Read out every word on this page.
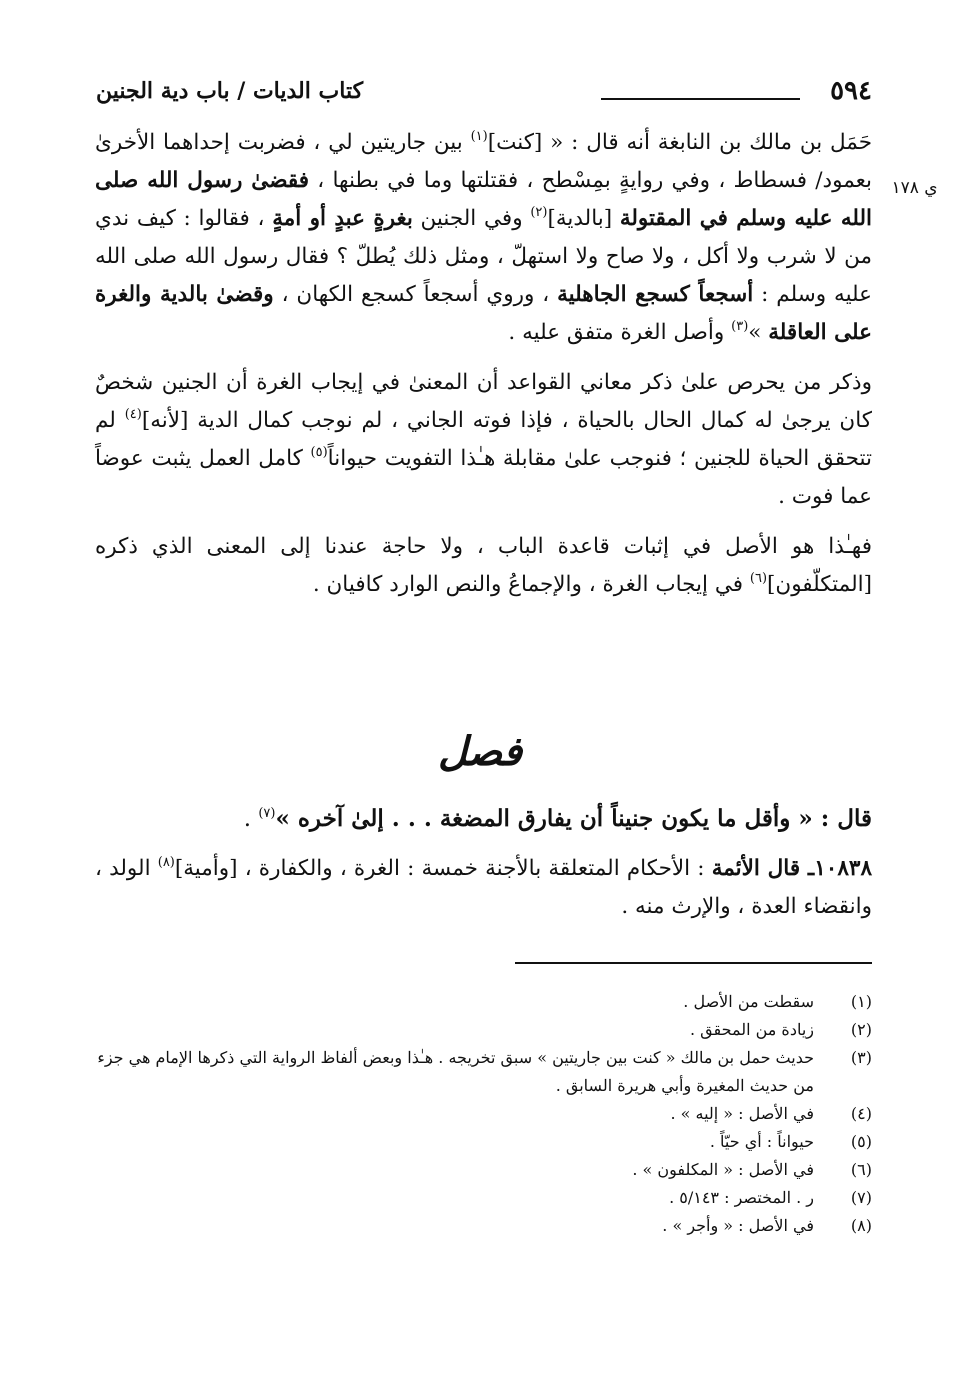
٥٩٤
كتاب الديات / باب دية الجنين
ي ١٧٨

حَمَل بن مالك بن النابغة أنه قال : « [كنت]$^{(١)}$ بين جاريتين لي ، فضربت إحداهما الأخرىٰ بعمود/ فسطاط ، وفي روايةٍ بمِسْطح ، فقتلتها وما في بطنها ، فقضىٰ رسول الله صلى الله عليه وسلم في المقتولة [بالدية]$^{(٢)}$ وفي الجنين بغرةٍ عبدٍ أو أمةٍ ، فقالوا : كيف ندي من لا شرب ولا أكل ، ولا صاح ولا استهلّ ، ومثل ذلك يُطلّ ؟ فقال رسول الله صلى الله عليه وسلم : أسجعاً كسجع الجاهلية ، وروي أسجعاً كسجع الكهان ، وقضىٰ بالدية والغرة على العاقلة »$^{(٣)}$ وأصل الغرة متفق عليه .

وذكر من يحرص علىٰ ذكر معاني القواعد أن المعنىٰ في إيجاب الغرة أن الجنين شخصٌ كان يرجىٰ له كمال الحال بالحياة ، فإذا فوته الجاني ، لم نوجب كمال الدية [لأنه]$^{(٤)}$ لم تتحقق الحياة للجنين ؛ فنوجب علىٰ مقابلة هـٰذا التفويت حيواناً$^{(٥)}$ كامل العمل يثبت عوضاً عما فوت .

فهـٰذا هو الأصل في إثبات قاعدة الباب ، ولا حاجة عندنا إلى المعنى الذي ذكره [المتكلّفون]$^{(٦)}$ في إيجاب الغرة ، والإجماعُ والنص الوارد كافيان .

فصل

قال : « وأقل ما يكون جنيناً أن يفارق المضغة . . . إلىٰ آخره »$^{(٧)}$ .

١٠٨٣٨ـ قال الأئمة : الأحكام المتعلقة بالأجنة خمسة : الغرة ، والكفارة ، [وأمية]$^{(٨)}$ الولد ، وانقضاء العدة ، والإرث منه .

(١)
سقطت من الأصل .

(٢)
زيادة من المحقق .

(٣)
حديث حمل بن مالك « كنت بين جاريتين » سبق تخريجه . هـٰذا وبعض ألفاظ الرواية التي ذكرها الإمام هي جزء من حديث المغيرة وأبي هريرة السابق .

(٤)
في الأصل : « إليه » .

(٥)
حيواناً : أي حيّاً .

(٦)
في الأصل : « المكلفون » .

(٧)
ر . المختصر : ٥/١٤٣ .

(٨)
في الأصل : « وأجر » .
